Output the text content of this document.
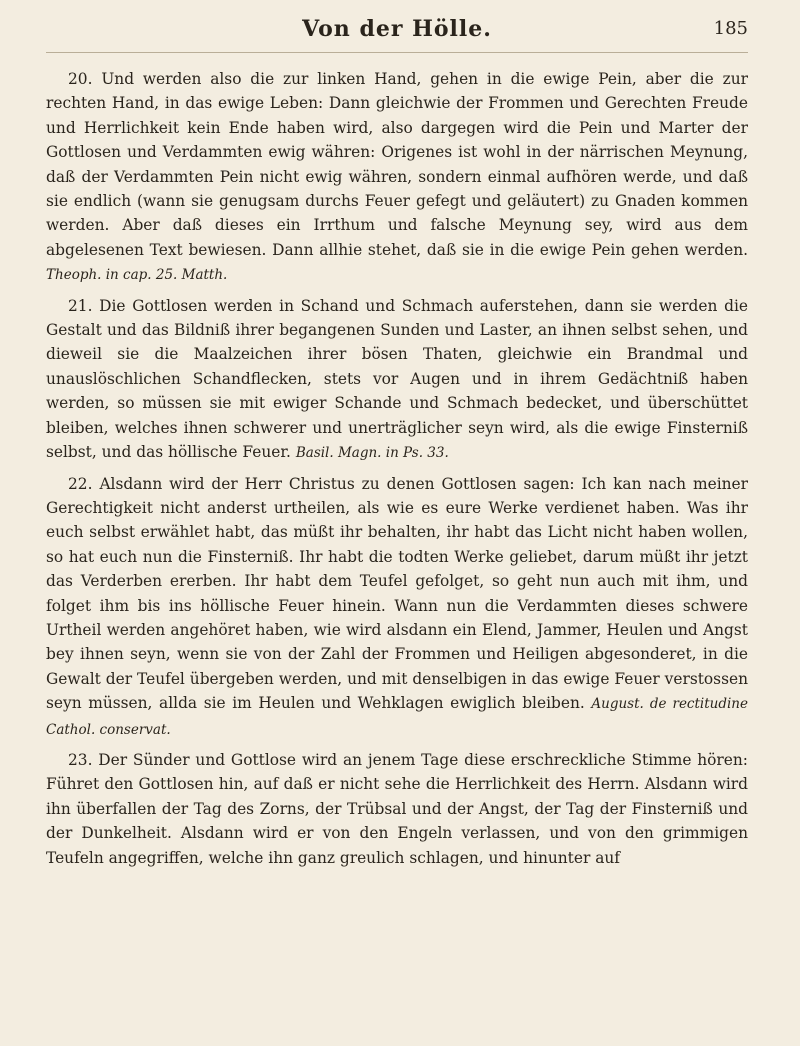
Von der Hölle.	185

20. Und werden also die zur linken Hand, gehen in die ewige Pein, aber die zur rechten Hand, in das ewige Leben: Dann gleichwie der Frommen und Gerechten Freude und Herrlichkeit kein Ende haben wird, also dargegen wird die Pein und Marter der Gottlosen und Verdammten ewig währen: Origenes ist wohl in der närrischen Meynung, daß der Verdammten Pein nicht ewig währen, sondern einmal aufhören werde, und daß sie endlich (wann sie genugsam durchs Feuer gefegt und geläutert) zu Gnaden kommen werden. Aber daß dieses ein Irrthum und falsche Meynung sey, wird aus dem abgelesenen Text bewiesen. Dann allhie stehet, daß sie in die ewige Pein gehen werden. Theoph. in cap. 25. Matth.

21. Die Gottlosen werden in Schand und Schmach auferstehen, dann sie werden die Gestalt und das Bildniß ihrer begangenen Sunden und Laster, an ihnen selbst sehen, und dieweil sie die Maalzeichen ihrer bösen Thaten, gleichwie ein Brandmal und unauslöschlichen Schandflecken, stets vor Augen und in ihrem Gedächtniß haben werden, so müssen sie mit ewiger Schande und Schmach bedecket, und überschüttet bleiben, welches ihnen schwerer und unerträglicher seyn wird, als die ewige Finsterniß selbst, und das höllische Feuer. Basil. Magn. in Ps. 33.

22. Alsdann wird der Herr Christus zu denen Gottlosen sagen: Ich kan nach meiner Gerechtigkeit nicht anderst urtheilen, als wie es eure Werke verdienet haben. Was ihr euch selbst erwählet habt, das müßt ihr behalten, ihr habt das Licht nicht haben wollen, so hat euch nun die Finsterniß. Ihr habt die todten Werke geliebet, darum müßt ihr jetzt das Verderben ererben. Ihr habt dem Teufel gefolget, so geht nun auch mit ihm, und folget ihm bis ins höllische Feuer hinein. Wann nun die Verdammten dieses schwere Urtheil werden angehöret haben, wie wird alsdann ein Elend, Jammer, Heulen und Angst bey ihnen seyn, wenn sie von der Zahl der Frommen und Heiligen abgesonderet, in die Gewalt der Teufel übergeben werden, und mit denselbigen in das ewige Feuer verstossen seyn müssen, allda sie im Heulen und Wehklagen ewiglich bleiben. August. de rectitudine Cathol. conservat.

23. Der Sünder und Gottlose wird an jenem Tage diese erschreckliche Stimme hören: Führet den Gottlosen hin, auf daß er nicht sehe die Herrlichkeit des Herrn. Alsdann wird ihn überfallen der Tag des Zorns, der Trübsal und der Angst, der Tag der Finsterniß und der Dunkelheit. Alsdann wird er von den Engeln verlassen, und von den grimmigen Teufeln angegriffen, welche ihn ganz greulich schlagen, und hinunter auf
